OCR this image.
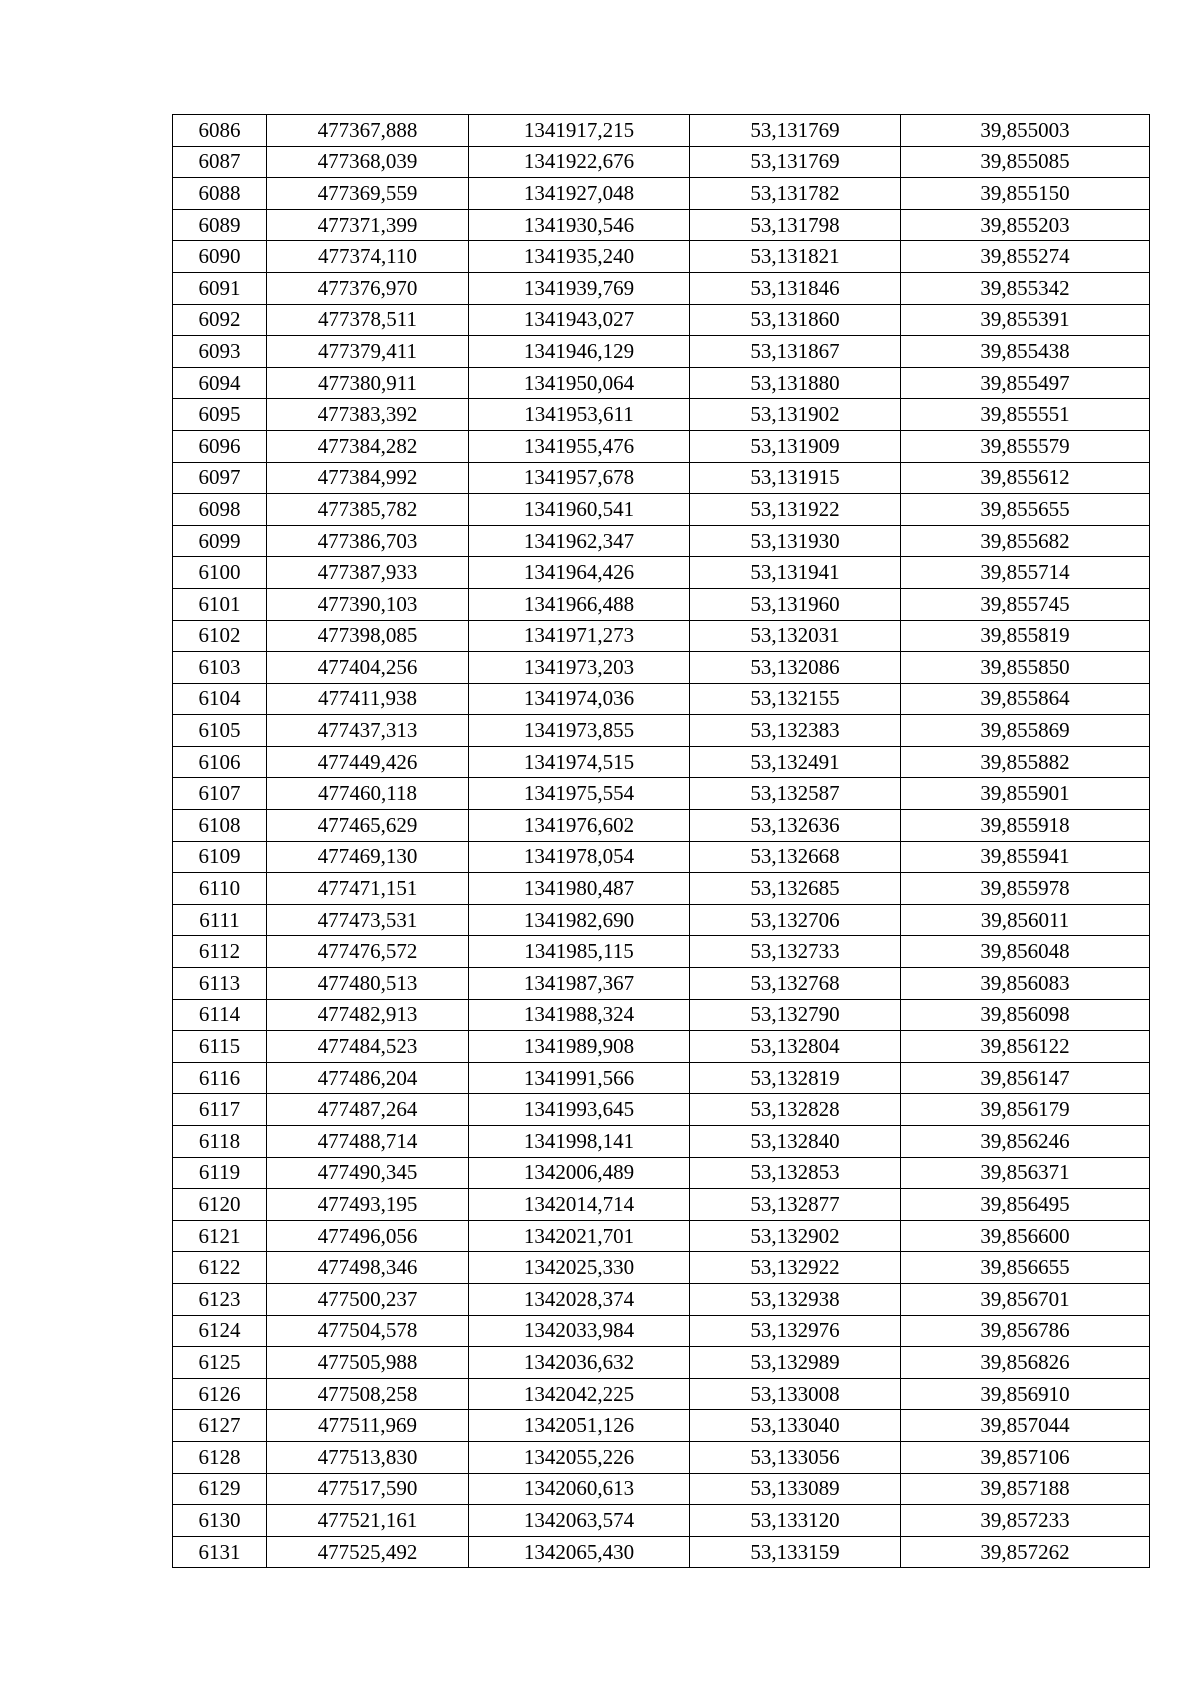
6086	477367,888	1341917,215	53,131769	39,855003
6087	477368,039	1341922,676	53,131769	39,855085
6088	477369,559	1341927,048	53,131782	39,855150
6089	477371,399	1341930,546	53,131798	39,855203
6090	477374,110	1341935,240	53,131821	39,855274
6091	477376,970	1341939,769	53,131846	39,855342
6092	477378,511	1341943,027	53,131860	39,855391
6093	477379,411	1341946,129	53,131867	39,855438
6094	477380,911	1341950,064	53,131880	39,855497
6095	477383,392	1341953,611	53,131902	39,855551
6096	477384,282	1341955,476	53,131909	39,855579
6097	477384,992	1341957,678	53,131915	39,855612
6098	477385,782	1341960,541	53,131922	39,855655
6099	477386,703	1341962,347	53,131930	39,855682
6100	477387,933	1341964,426	53,131941	39,855714
6101	477390,103	1341966,488	53,131960	39,855745
6102	477398,085	1341971,273	53,132031	39,855819
6103	477404,256	1341973,203	53,132086	39,855850
6104	477411,938	1341974,036	53,132155	39,855864
6105	477437,313	1341973,855	53,132383	39,855869
6106	477449,426	1341974,515	53,132491	39,855882
6107	477460,118	1341975,554	53,132587	39,855901
6108	477465,629	1341976,602	53,132636	39,855918
6109	477469,130	1341978,054	53,132668	39,855941
6110	477471,151	1341980,487	53,132685	39,855978
6111	477473,531	1341982,690	53,132706	39,856011
6112	477476,572	1341985,115	53,132733	39,856048
6113	477480,513	1341987,367	53,132768	39,856083
6114	477482,913	1341988,324	53,132790	39,856098
6115	477484,523	1341989,908	53,132804	39,856122
6116	477486,204	1341991,566	53,132819	39,856147
6117	477487,264	1341993,645	53,132828	39,856179
6118	477488,714	1341998,141	53,132840	39,856246
6119	477490,345	1342006,489	53,132853	39,856371
6120	477493,195	1342014,714	53,132877	39,856495
6121	477496,056	1342021,701	53,132902	39,856600
6122	477498,346	1342025,330	53,132922	39,856655
6123	477500,237	1342028,374	53,132938	39,856701
6124	477504,578	1342033,984	53,132976	39,856786
6125	477505,988	1342036,632	53,132989	39,856826
6126	477508,258	1342042,225	53,133008	39,856910
6127	477511,969	1342051,126	53,133040	39,857044
6128	477513,830	1342055,226	53,133056	39,857106
6129	477517,590	1342060,613	53,133089	39,857188
6130	477521,161	1342063,574	53,133120	39,857233
6131	477525,492	1342065,430	53,133159	39,857262
